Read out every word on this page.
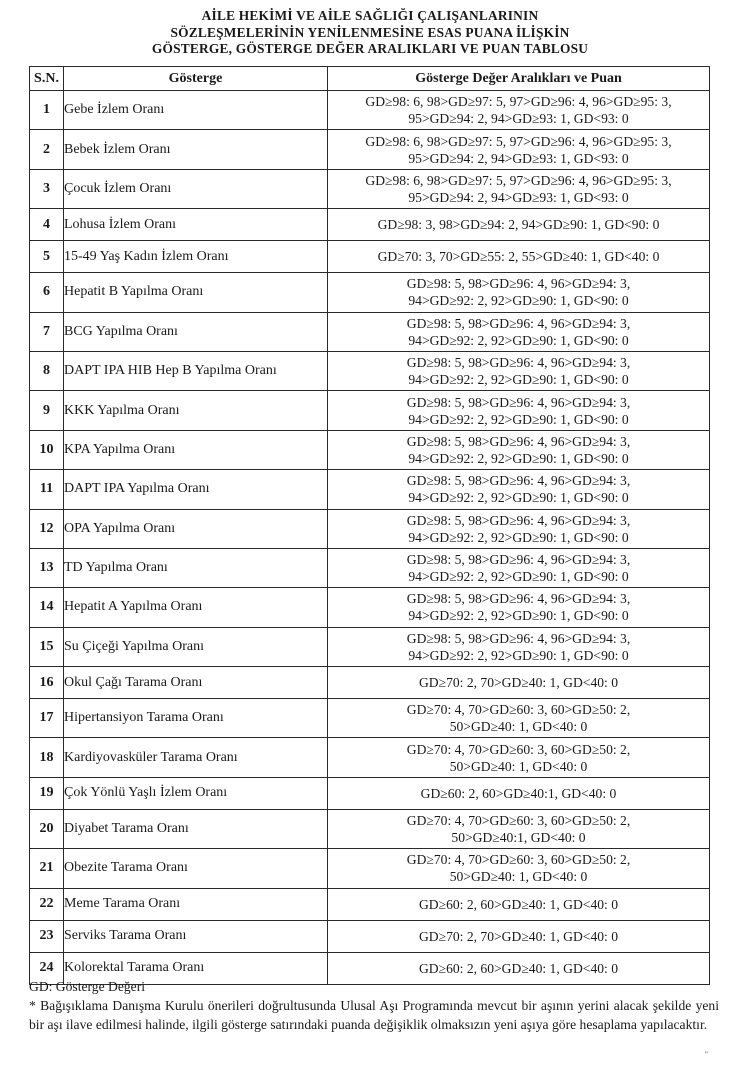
AİLE HEKİMİ VE AİLE SAĞLIĞI ÇALIŞANLARININ
SÖZLEŞMELERİNİN YENİLENMESİNE ESAS PUANA İLİŞKİN
GÖSTERGE, GÖSTERGE DEĞER ARALIKLARI VE PUAN TABLOSU
S.N.	Gösterge	Gösterge Değer Aralıkları ve Puan
1	Gebe İzlem Oranı	GD≥98: 6, 98>GD≥97: 5, 97>GD≥96: 4, 96>GD≥95: 3,
95>GD≥94: 2, 94>GD≥93: 1, GD<93: 0

2	Bebek İzlem Oranı	GD≥98: 6, 98>GD≥97: 5, 97>GD≥96: 4, 96>GD≥95: 3,
95>GD≥94: 2, 94>GD≥93: 1, GD<93: 0

3	Çocuk İzlem Oranı	GD≥98: 6, 98>GD≥97: 5, 97>GD≥96: 4, 96>GD≥95: 3,
95>GD≥94: 2, 94>GD≥93: 1, GD<93: 0

4	Lohusa İzlem Oranı	GD≥98: 3, 98>GD≥94: 2, 94>GD≥90: 1, GD<90: 0

5	15-49 Yaş Kadın İzlem Oranı	GD≥70: 3, 70>GD≥55: 2, 55>GD≥40: 1, GD<40: 0

6	Hepatit B Yapılma Oranı	GD≥98: 5, 98>GD≥96: 4, 96>GD≥94: 3,
94>GD≥92: 2, 92>GD≥90: 1, GD<90: 0

7	BCG Yapılma Oranı	GD≥98: 5, 98>GD≥96: 4, 96>GD≥94: 3,
94>GD≥92: 2, 92>GD≥90: 1, GD<90: 0

8	DAPT IPA HIB Hep B Yapılma Oranı	GD≥98: 5, 98>GD≥96: 4, 96>GD≥94: 3,
94>GD≥92: 2, 92>GD≥90: 1, GD<90: 0

9	KKK Yapılma Oranı	GD≥98: 5, 98>GD≥96: 4, 96>GD≥94: 3,
94>GD≥92: 2, 92>GD≥90: 1, GD<90: 0

10	KPA Yapılma Oranı	GD≥98: 5, 98>GD≥96: 4, 96>GD≥94: 3,
94>GD≥92: 2, 92>GD≥90: 1, GD<90: 0

11	DAPT IPA Yapılma Oranı	GD≥98: 5, 98>GD≥96: 4, 96>GD≥94: 3,
94>GD≥92: 2, 92>GD≥90: 1, GD<90: 0

12	OPA Yapılma Oranı	GD≥98: 5, 98>GD≥96: 4, 96>GD≥94: 3,
94>GD≥92: 2, 92>GD≥90: 1, GD<90: 0

13	TD Yapılma Oranı	GD≥98: 5, 98>GD≥96: 4, 96>GD≥94: 3,
94>GD≥92: 2, 92>GD≥90: 1, GD<90: 0

14	Hepatit A Yapılma Oranı	GD≥98: 5, 98>GD≥96: 4, 96>GD≥94: 3,
94>GD≥92: 2, 92>GD≥90: 1, GD<90: 0

15	Su Çiçeği Yapılma Oranı	GD≥98: 5, 98>GD≥96: 4, 96>GD≥94: 3,
94>GD≥92: 2, 92>GD≥90: 1, GD<90: 0

16	Okul Çağı Tarama Oranı	GD≥70: 2, 70>GD≥40: 1, GD<40: 0

17	Hipertansiyon Tarama Oranı	GD≥70: 4, 70>GD≥60: 3, 60>GD≥50: 2,
50>GD≥40: 1, GD<40: 0

18	Kardiyovasküler Tarama Oranı	GD≥70: 4, 70>GD≥60: 3, 60>GD≥50: 2,
50>GD≥40: 1, GD<40: 0

19	Çok Yönlü Yaşlı İzlem Oranı	GD≥60: 2, 60>GD≥40:1, GD<40: 0

20	Diyabet Tarama Oranı	GD≥70: 4, 70>GD≥60: 3, 60>GD≥50: 2,
50>GD≥40:1, GD<40: 0

21	Obezite Tarama Oranı	GD≥70: 4, 70>GD≥60: 3, 60>GD≥50: 2,
50>GD≥40: 1, GD<40: 0

22	Meme Tarama Oranı	GD≥60: 2, 60>GD≥40: 1, GD<40: 0

23	Serviks Tarama Oranı	GD≥70: 2, 70>GD≥40: 1, GD<40: 0

24	Kolorektal Tarama Oranı	GD≥60: 2, 60>GD≥40: 1, GD<40: 0

GD: Gösterge Değeri

* Bağışıklama Danışma Kurulu önerileri doğrultusunda Ulusal Aşı Programında mevcut bir aşının yerini alacak şekilde yeni bir aşı ilave edilmesi halinde, ilgili gösterge satırındaki puanda değişiklik olmaksızın yeni aşıya göre hesaplama yapılacaktır.

"
